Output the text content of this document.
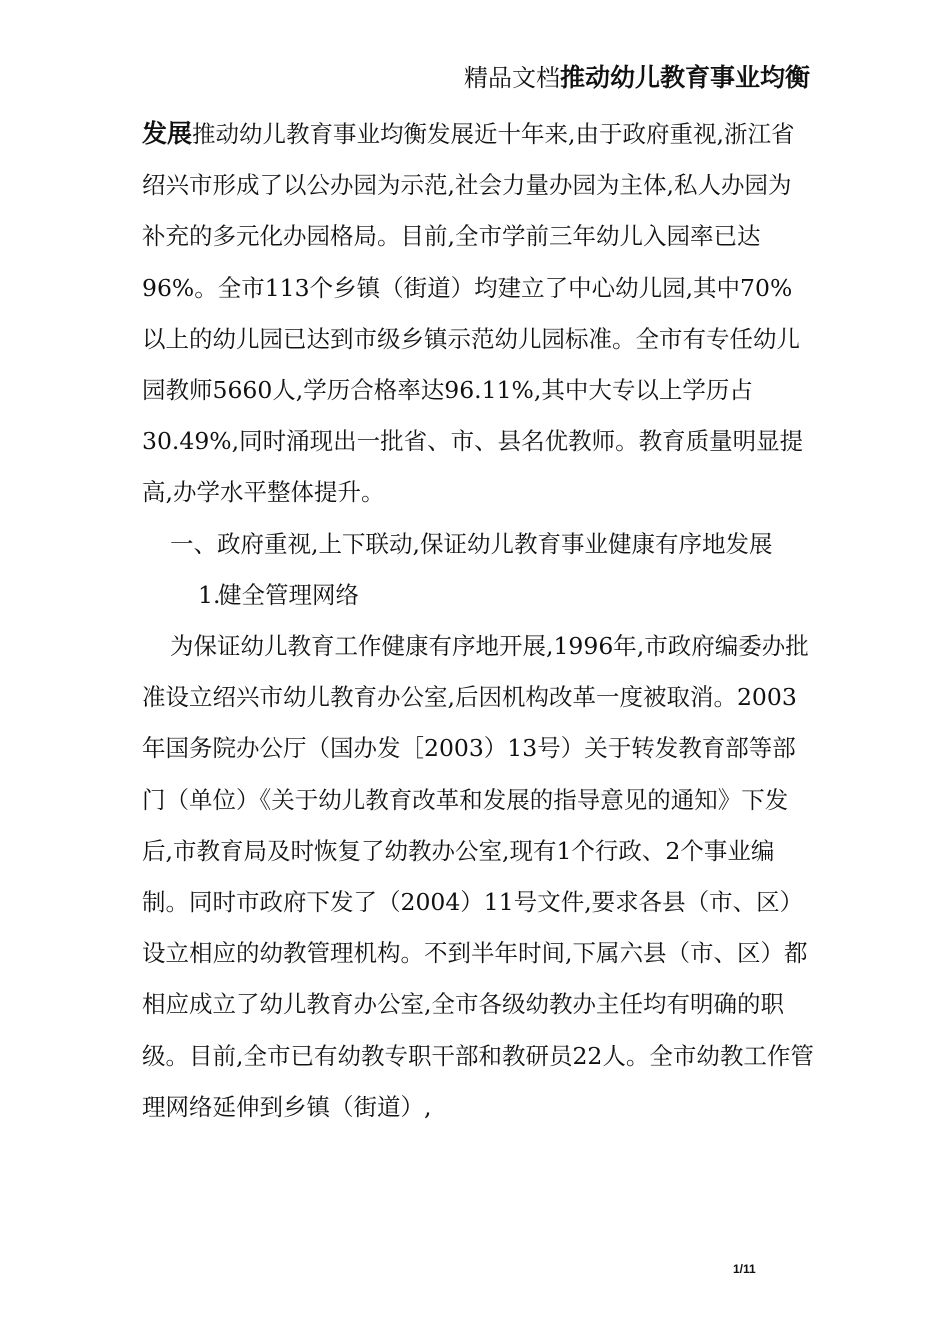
精品文档推动幼儿教育事业均衡

发展推动幼儿教育事业均衡发展近十年来,由于政府重视,浙江省绍兴市形成了以公办园为示范,社会力量办园为主体,私人办园为补充的多元化办园格局。目前,全市学前三年幼儿入园率已达96%。全市113个乡镇（街道）均建立了中心幼儿园,其中70%以上的幼儿园已达到市级乡镇示范幼儿园标准。全市有专任幼儿园教师5660人,学历合格率达96.11%,其中大专以上学历占30.49%,同时涌现出一批省、市、县名优教师。教育质量明显提高,办学水平整体提升。

一、政府重视,上下联动,保证幼儿教育事业健康有序地发展

1.健全管理网络

为保证幼儿教育工作健康有序地开展,1996年,市政府编委办批准设立绍兴市幼儿教育办公室,后因机构改革一度被取消。2003年国务院办公厅（国办发［2003）13号）关于转发教育部等部门（单位）《关于幼儿教育改革和发展的指导意见的通知》下发后,市教育局及时恢复了幼教办公室,现有1个行政、2个事业编制。同时市政府下发了（2004）11号文件,要求各县（市、区）设立相应的幼教管理机构。不到半年时间,下属六县（市、区）都相应成立了幼儿教育办公室,全市各级幼教办主任均有明确的职级。目前,全市已有幼教专职干部和教研员22人。全市幼教工作管理网络延伸到乡镇（街道）,

1/11
